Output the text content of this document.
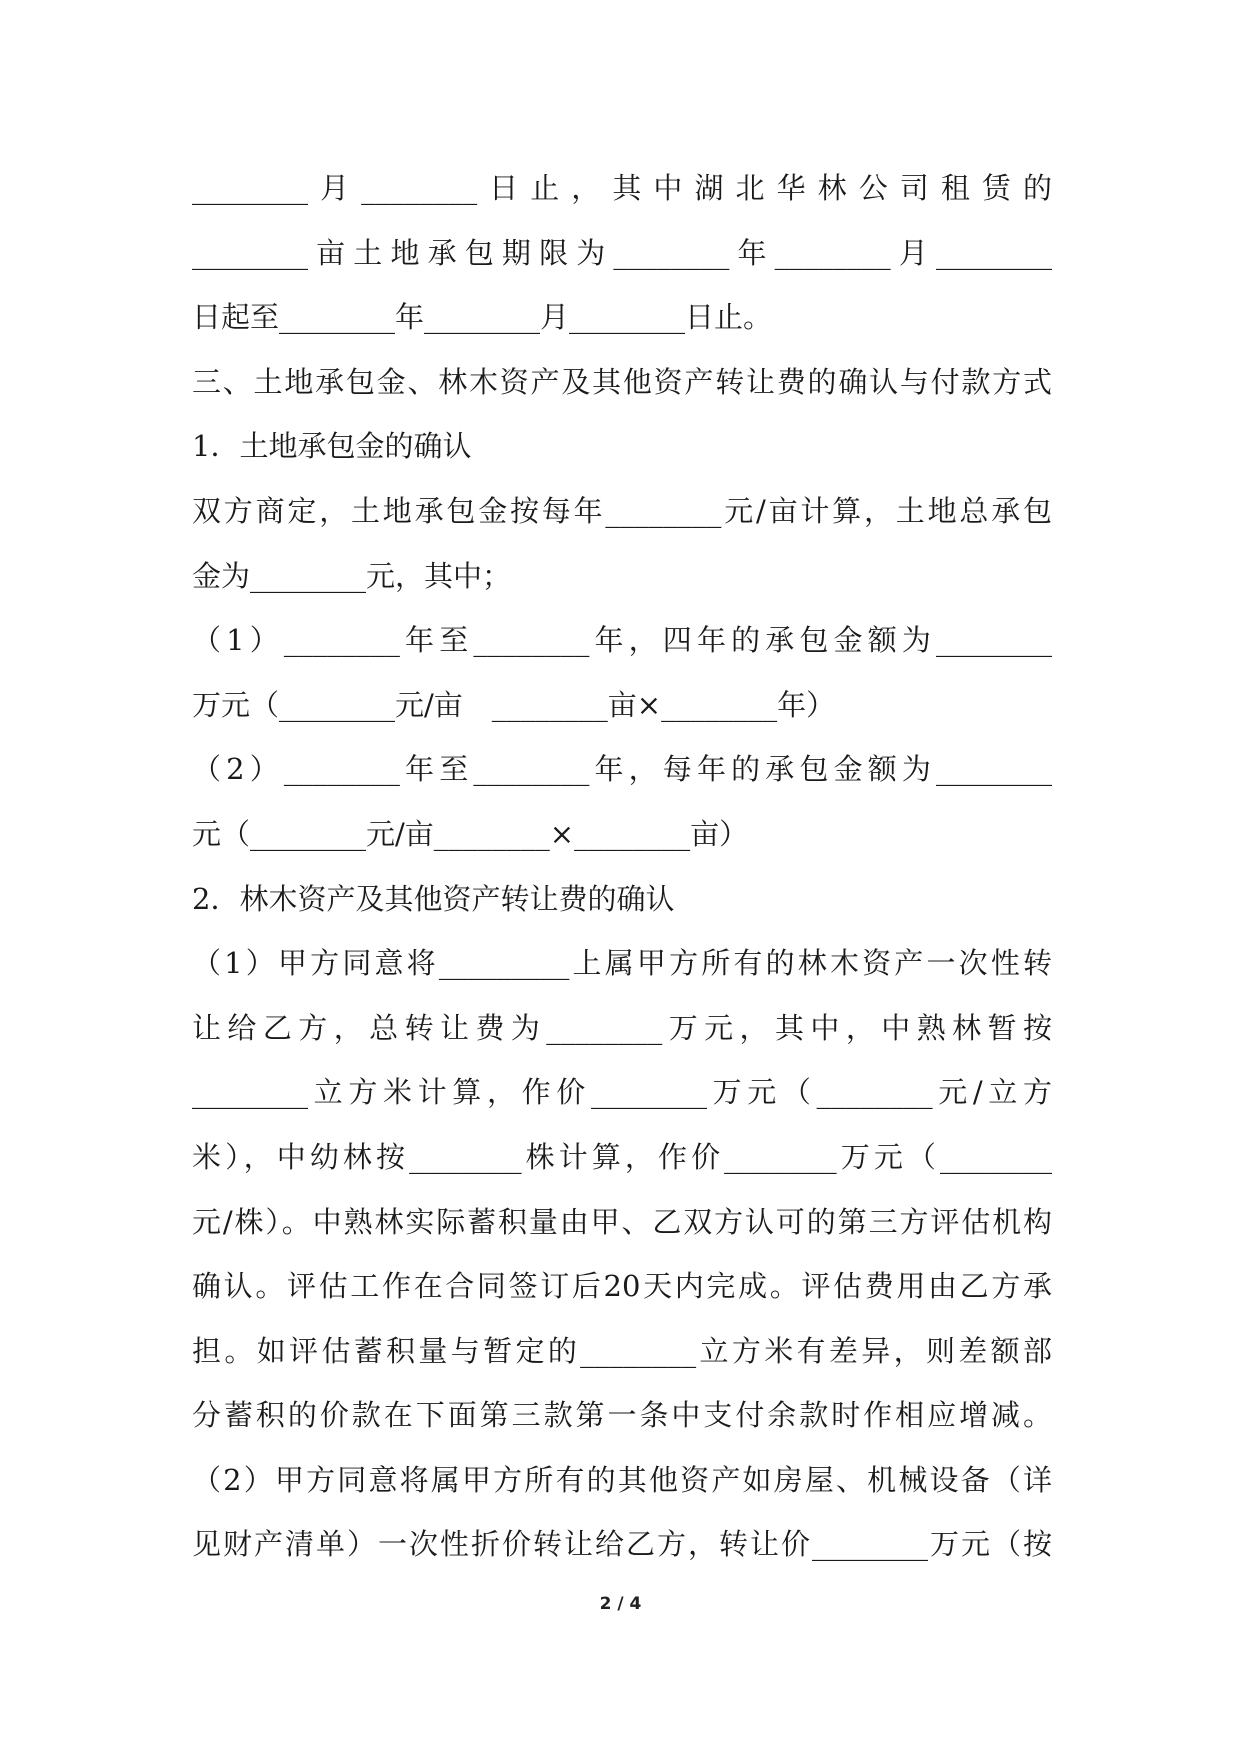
________月________日止，其中湖北华林公司租赁的
________亩土地承包期限为________年________月________
日起至________年________月________日止。
三、土地承包金、林木资产及其他资产转让费的确认与付款方式
1．土地承包金的确认
双方商定，土地承包金按每年________元/亩计算，土地总承包
金为________元，其中；
（1）________年至________年，四年的承包金额为________
万元（________元/亩　________亩×________年）
（2）________年至________年，每年的承包金额为________
元（________元/亩________×________亩）
2．林木资产及其他资产转让费的确认
（1）甲方同意将_________上属甲方所有的林木资产一次性转
让给乙方，总转让费为________万元，其中，中熟林暂按
________立方米计算，作价________万元（________元/立方
米），中幼林按________株计算，作价________万元（________
元/株）。中熟林实际蓄积量由甲、乙双方认可的第三方评估机构
确认。评估工作在合同签订后20天内完成。评估费用由乙方承
担。如评估蓄积量与暂定的________立方米有差异，则差额部
分蓄积的价款在下面第三款第一条中支付余款时作相应增减。
（2）甲方同意将属甲方所有的其他资产如房屋、机械设备（详
见财产清单）一次性折价转让给乙方，转让价________万元（按
2 / 4
